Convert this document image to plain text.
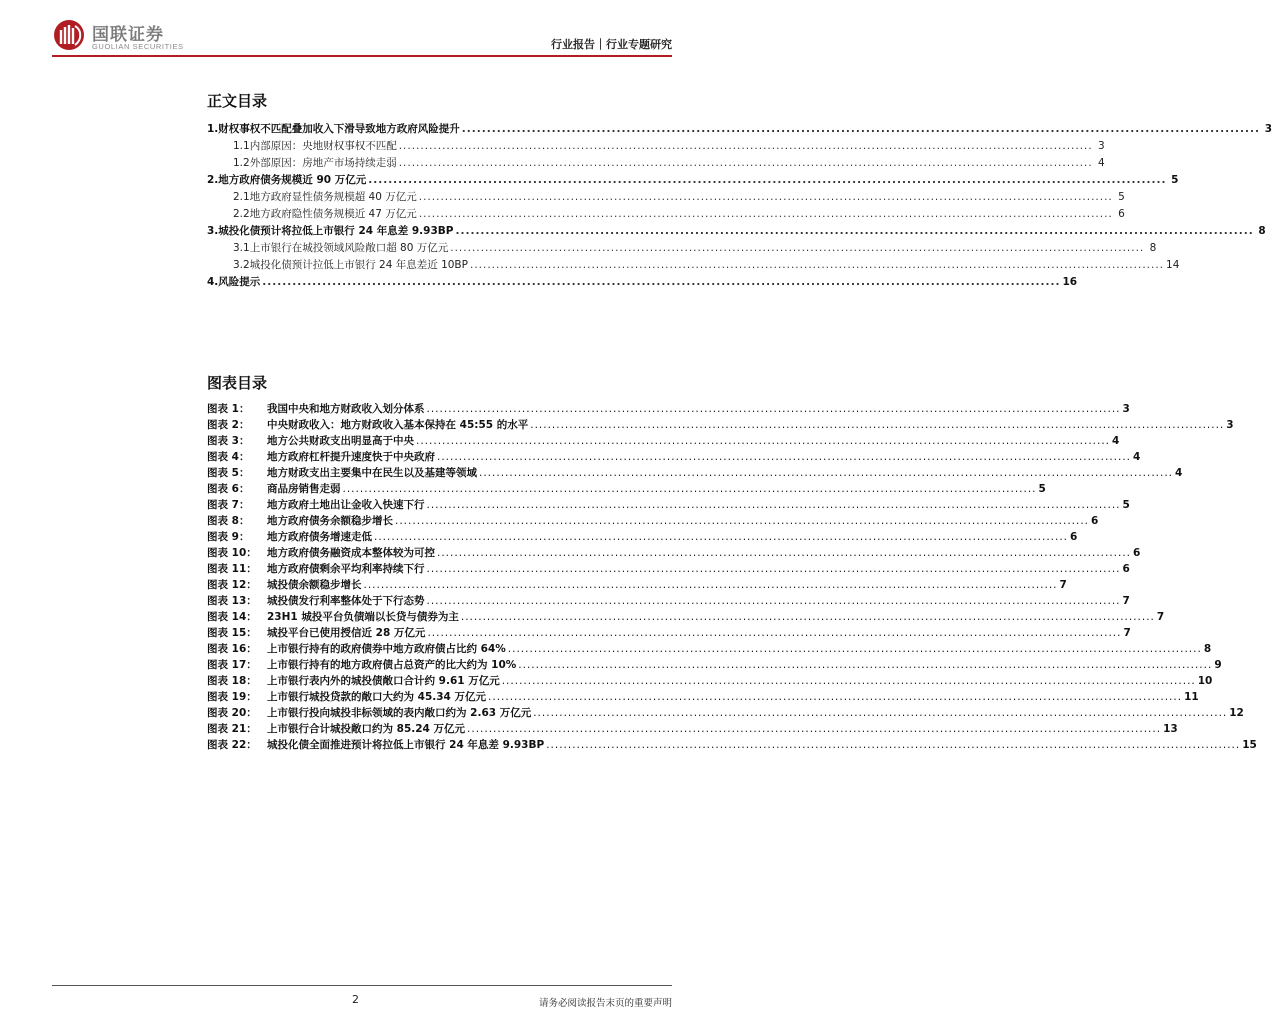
国联证券
GUOLIAN SECURITIES	行业报告｜行业专题研究
正文目录
1. 财权事权不匹配叠加收入下滑导致地方政府风险提升 ................................................................................................................................................................ 3
1.1 内部原因：央地财权事权不匹配 ................................................................................................................................................................ 3
1.2 外部原因：房地产市场持续走弱 ................................................................................................................................................................ 4
2. 地方政府债务规模近 90 万亿元 ................................................................................................................................................................ 5
2.1 地方政府显性债务规模超 40 万亿元 ................................................................................................................................................................ 5
2.2 地方政府隐性债务规模近 47 万亿元 ................................................................................................................................................................ 6
3. 城投化债预计将拉低上市银行 24 年息差 9.93BP ................................................................................................................................................................ 8
3.1 上市银行在城投领域风险敞口超 80 万亿元 ................................................................................................................................................................ 8
3.2 城投化债预计拉低上市银行 24 年息差近 10BP ................................................................................................................................................................ 14
4. 风险提示 ................................................................................................................................................................ 16
图表目录
图表 1：	我国中央和地方财政收入划分体系 ................................................................................................................................................................ 3
图表 2：	中央财政收入：地方财政收入基本保持在 45:55 的水平 ................................................................................................................................................................ 3
图表 3：	地方公共财政支出明显高于中央 ................................................................................................................................................................ 4
图表 4：	地方政府杠杆提升速度快于中央政府 ................................................................................................................................................................ 4
图表 5：	地方财政支出主要集中在民生以及基建等领域 ................................................................................................................................................................ 4
图表 6：	商品房销售走弱 ................................................................................................................................................................ 5
图表 7：	地方政府土地出让金收入快速下行 ................................................................................................................................................................ 5
图表 8：	地方政府债务余额稳步增长 ................................................................................................................................................................ 6
图表 9：	地方政府债务增速走低 ................................................................................................................................................................ 6
图表 10： 地方政府债务融资成本整体较为可控 ................................................................................................................................................................ 6
图表 11： 地方政府债剩余平均利率持续下行 ................................................................................................................................................................ 6
图表 12： 城投债余额稳步增长 ................................................................................................................................................................ 7
图表 13： 城投债发行利率整体处于下行态势 ................................................................................................................................................................ 7
图表 14： 23H1 城投平台负债端以长贷与债券为主 ................................................................................................................................................................ 7
图表 15： 城投平台已使用授信近 28 万亿元 ................................................................................................................................................................ 7
图表 16： 上市银行持有的政府债券中地方政府债占比约 64% ................................................................................................................................................................ 8
图表 17： 上市银行持有的地方政府债占总资产的比大约为 10% ................................................................................................................................................................ 9
图表 18： 上市银行表内外的城投债敞口合计约 9.61 万亿元 ................................................................................................................................................................ 10
图表 19： 上市银行城投贷款的敞口大约为 45.34 万亿元 ................................................................................................................................................................ 11
图表 20： 上市银行投向城投非标领域的表内敞口约为 2.63 万亿元 ................................................................................................................................................................ 12
图表 21： 上市银行合计城投敞口约为 85.24 万亿元 ................................................................................................................................................................ 13
图表 22： 城投化债全面推进预计将拉低上市银行 24 年息差 9.93BP ................................................................................................................................................................ 15
2	请务必阅读报告末页的重要声明
